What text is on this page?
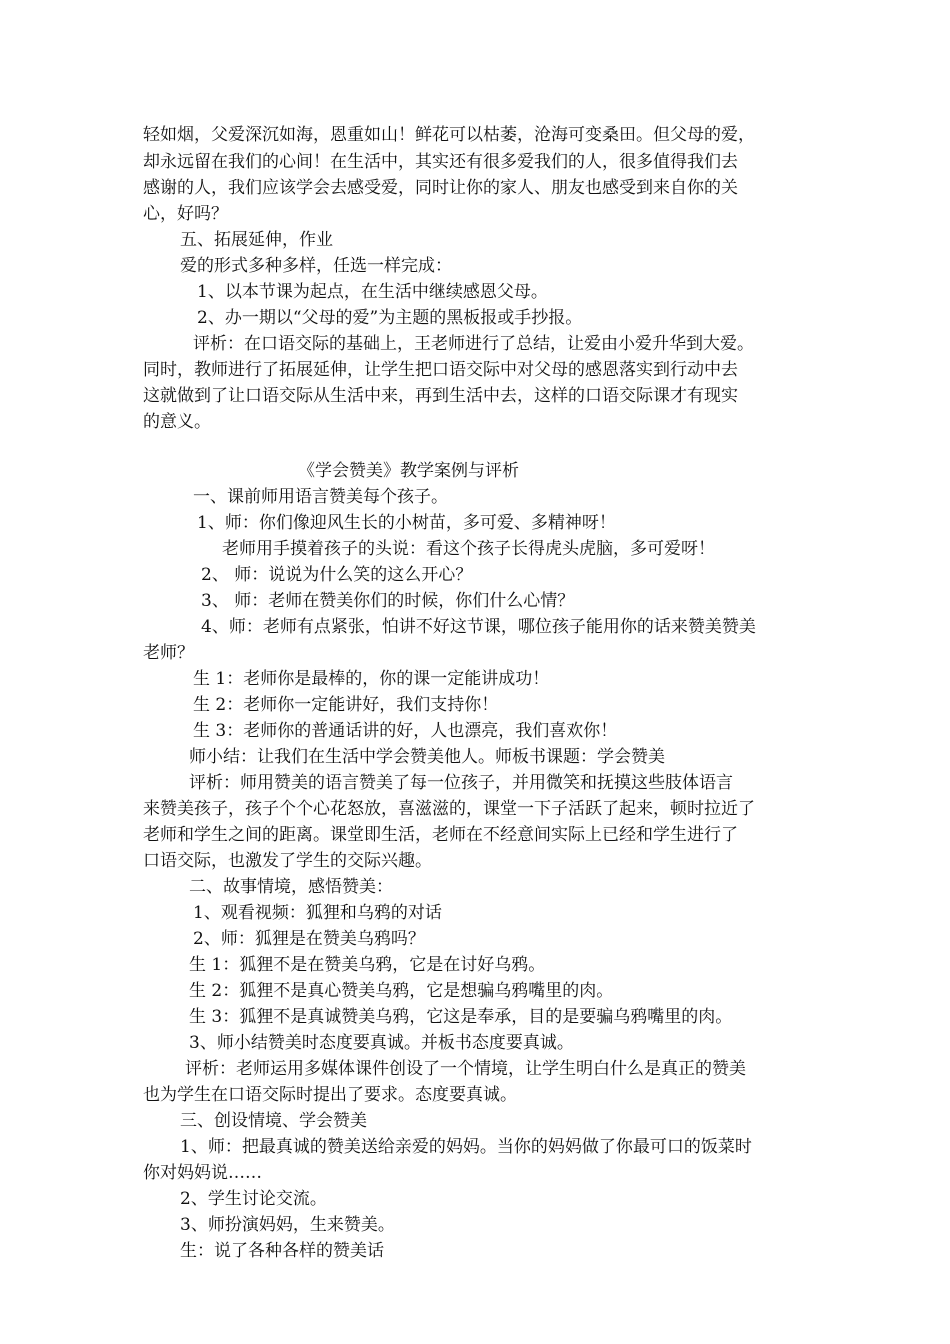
轻如烟，父爱深沉如海，恩重如山！鲜花可以枯萎，沧海可变桑田。但父母的爱，
却永远留在我们的心间！在生活中，其实还有很多爱我们的人，很多值得我们去
感谢的人，我们应该学会去感受爱，同时让你的家人、朋友也感受到来自你的关
心，好吗？
五、拓展延伸，作业
爱的形式多种多样，任选一样完成：
1、以本节课为起点，在生活中继续感恩父母。
2、办一期以“父母的爱”为主题的黑板报或手抄报。
评析：在口语交际的基础上，王老师进行了总结，让爱由小爱升华到大爱。
同时，教师进行了拓展延伸，让学生把口语交际中对父母的感恩落实到行动中去
这就做到了让口语交际从生活中来，再到生活中去，这样的口语交际课才有现实
的意义。
《学会赞美》教学案例与评析
一、课前师用语言赞美每个孩子。
1、师：你们像迎风生长的小树苗，多可爱、多精神呀！
老师用手摸着孩子的头说：看这个孩子长得虎头虎脑，多可爱呀！
2、 师：说说为什么笑的这么开心？
3、 师：老师在赞美你们的时候，你们什么心情？
4、师：老师有点紧张，怕讲不好这节课，哪位孩子能用你的话来赞美赞美
老师？
生 1：老师你是最棒的，你的课一定能讲成功！
生 2：老师你一定能讲好，我们支持你！
生 3：老师你的普通话讲的好，人也漂亮，我们喜欢你！
师小结：让我们在生活中学会赞美他人。师板书课题：学会赞美
评析：师用赞美的语言赞美了每一位孩子，并用微笑和抚摸这些肢体语言
来赞美孩子，孩子个个心花怒放，喜滋滋的，课堂一下子活跃了起来，顿时拉近了
老师和学生之间的距离。课堂即生活，老师在不经意间实际上已经和学生进行了
口语交际，也激发了学生的交际兴趣。
二、故事情境，感悟赞美：
1、观看视频：狐狸和乌鸦的对话
2、师：狐狸是在赞美乌鸦吗？
生 1：狐狸不是在赞美乌鸦，它是在讨好乌鸦。
生 2：狐狸不是真心赞美乌鸦，它是想骗乌鸦嘴里的肉。
生 3：狐狸不是真诚赞美乌鸦，它这是奉承，目的是要骗乌鸦嘴里的肉。
3、师小结赞美时态度要真诚。并板书态度要真诚。
评析：老师运用多媒体课件创设了一个情境，让学生明白什么是真正的赞美
也为学生在口语交际时提出了要求。态度要真诚。
三、创设情境、学会赞美
1、师：把最真诚的赞美送给亲爱的妈妈。当你的妈妈做了你最可口的饭菜时
你对妈妈说……
2、学生讨论交流。
3、师扮演妈妈，生来赞美。
生：说了各种各样的赞美话
